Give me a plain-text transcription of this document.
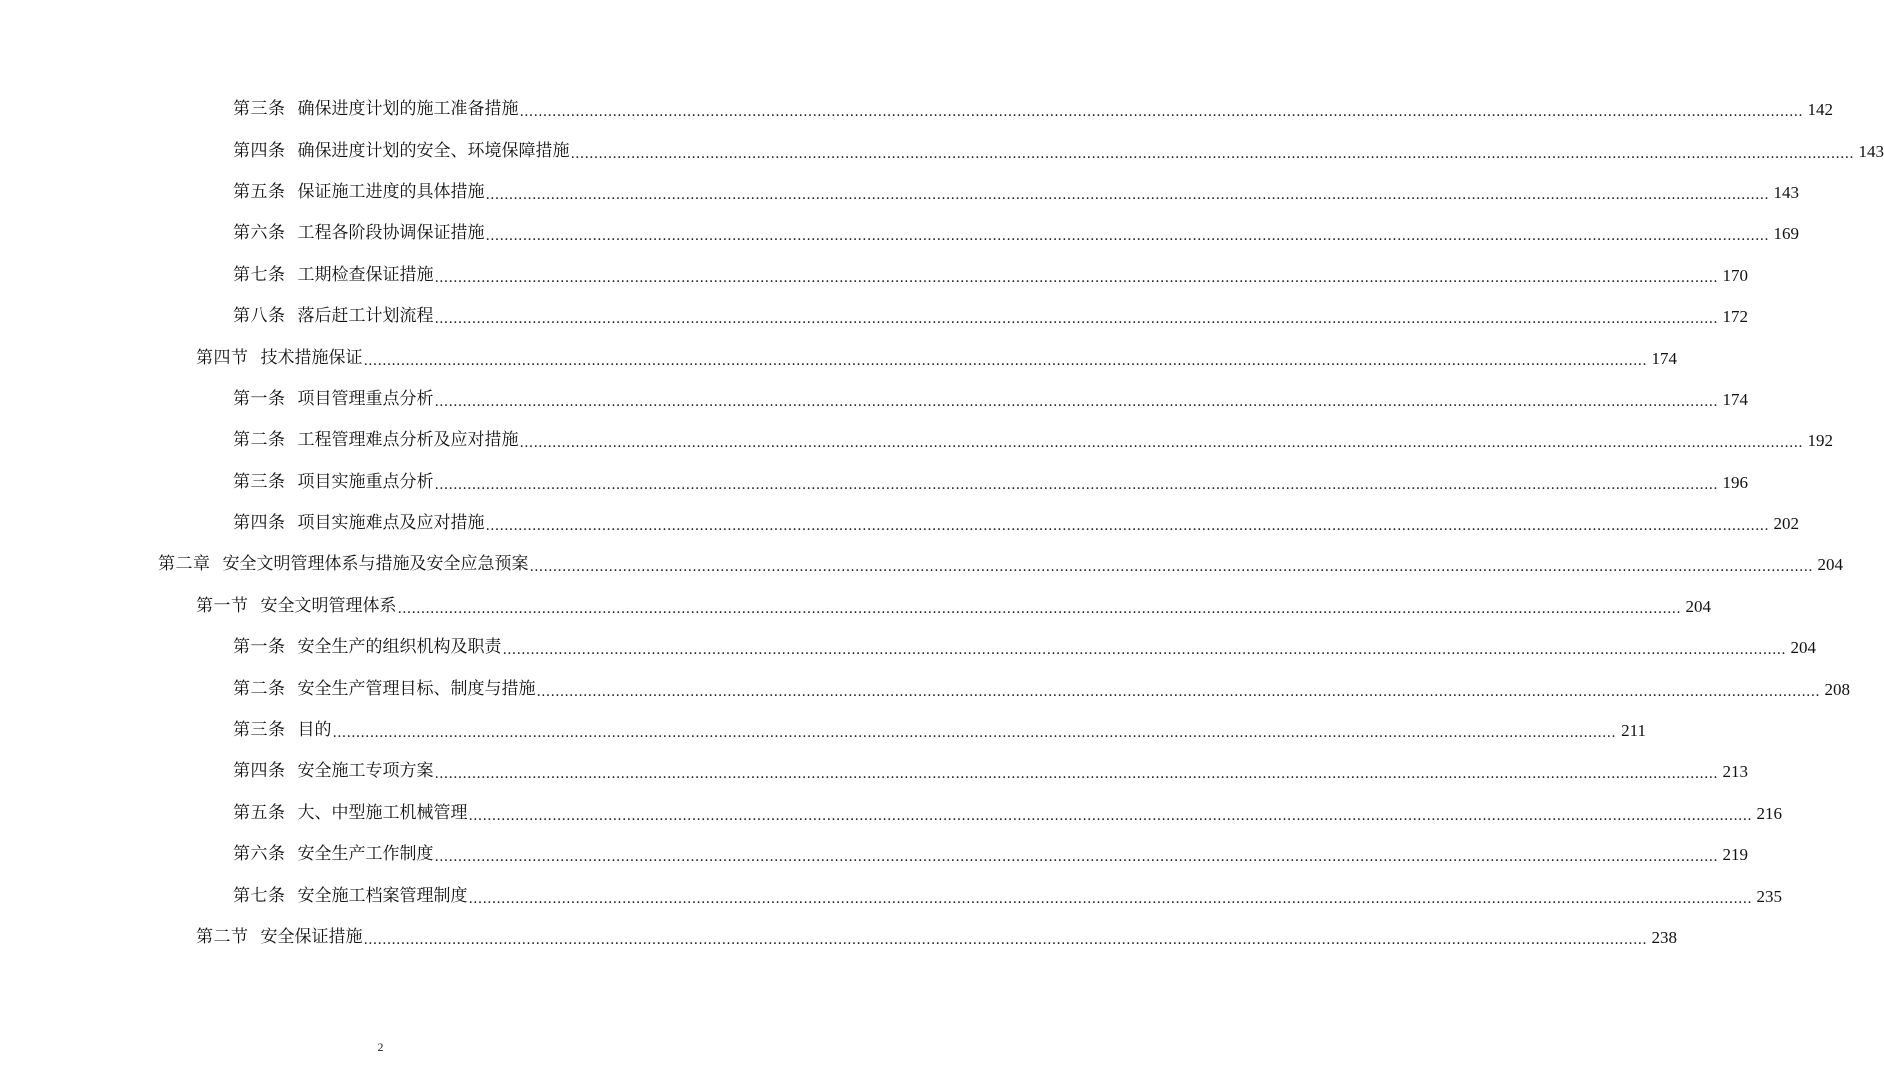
第三条 确保进度计划的施工准备措施 .....	142
第四条 确保进度计划的安全、环境保障措施 .....	143
第五条 保证施工进度的具体措施 .....	143
第六条 工程各阶段协调保证措施 .....	169
第七条 工期检查保证措施 .....	170
第八条 落后赶工计划流程 .....	172
第四节 技术措施保证 .....	174
第一条 项目管理重点分析 .....	174
第二条 工程管理难点分析及应对措施 .....	192
第三条 项目实施重点分析 .....	196
第四条 项目实施难点及应对措施 .....	202
第二章 安全文明管理体系与措施及安全应急预案 .....	204
第一节 安全文明管理体系 .....	204
第一条 安全生产的组织机构及职责 .....	204
第二条 安全生产管理目标、制度与措施 .....	208
第三条 目的 .....	211
第四条 安全施工专项方案 .....	213
第五条 大、中型施工机械管理 .....	216
第六条 安全生产工作制度 .....	219
第七条 安全施工档案管理制度 .....	235
第二节 安全保证措施 .....	238
2
